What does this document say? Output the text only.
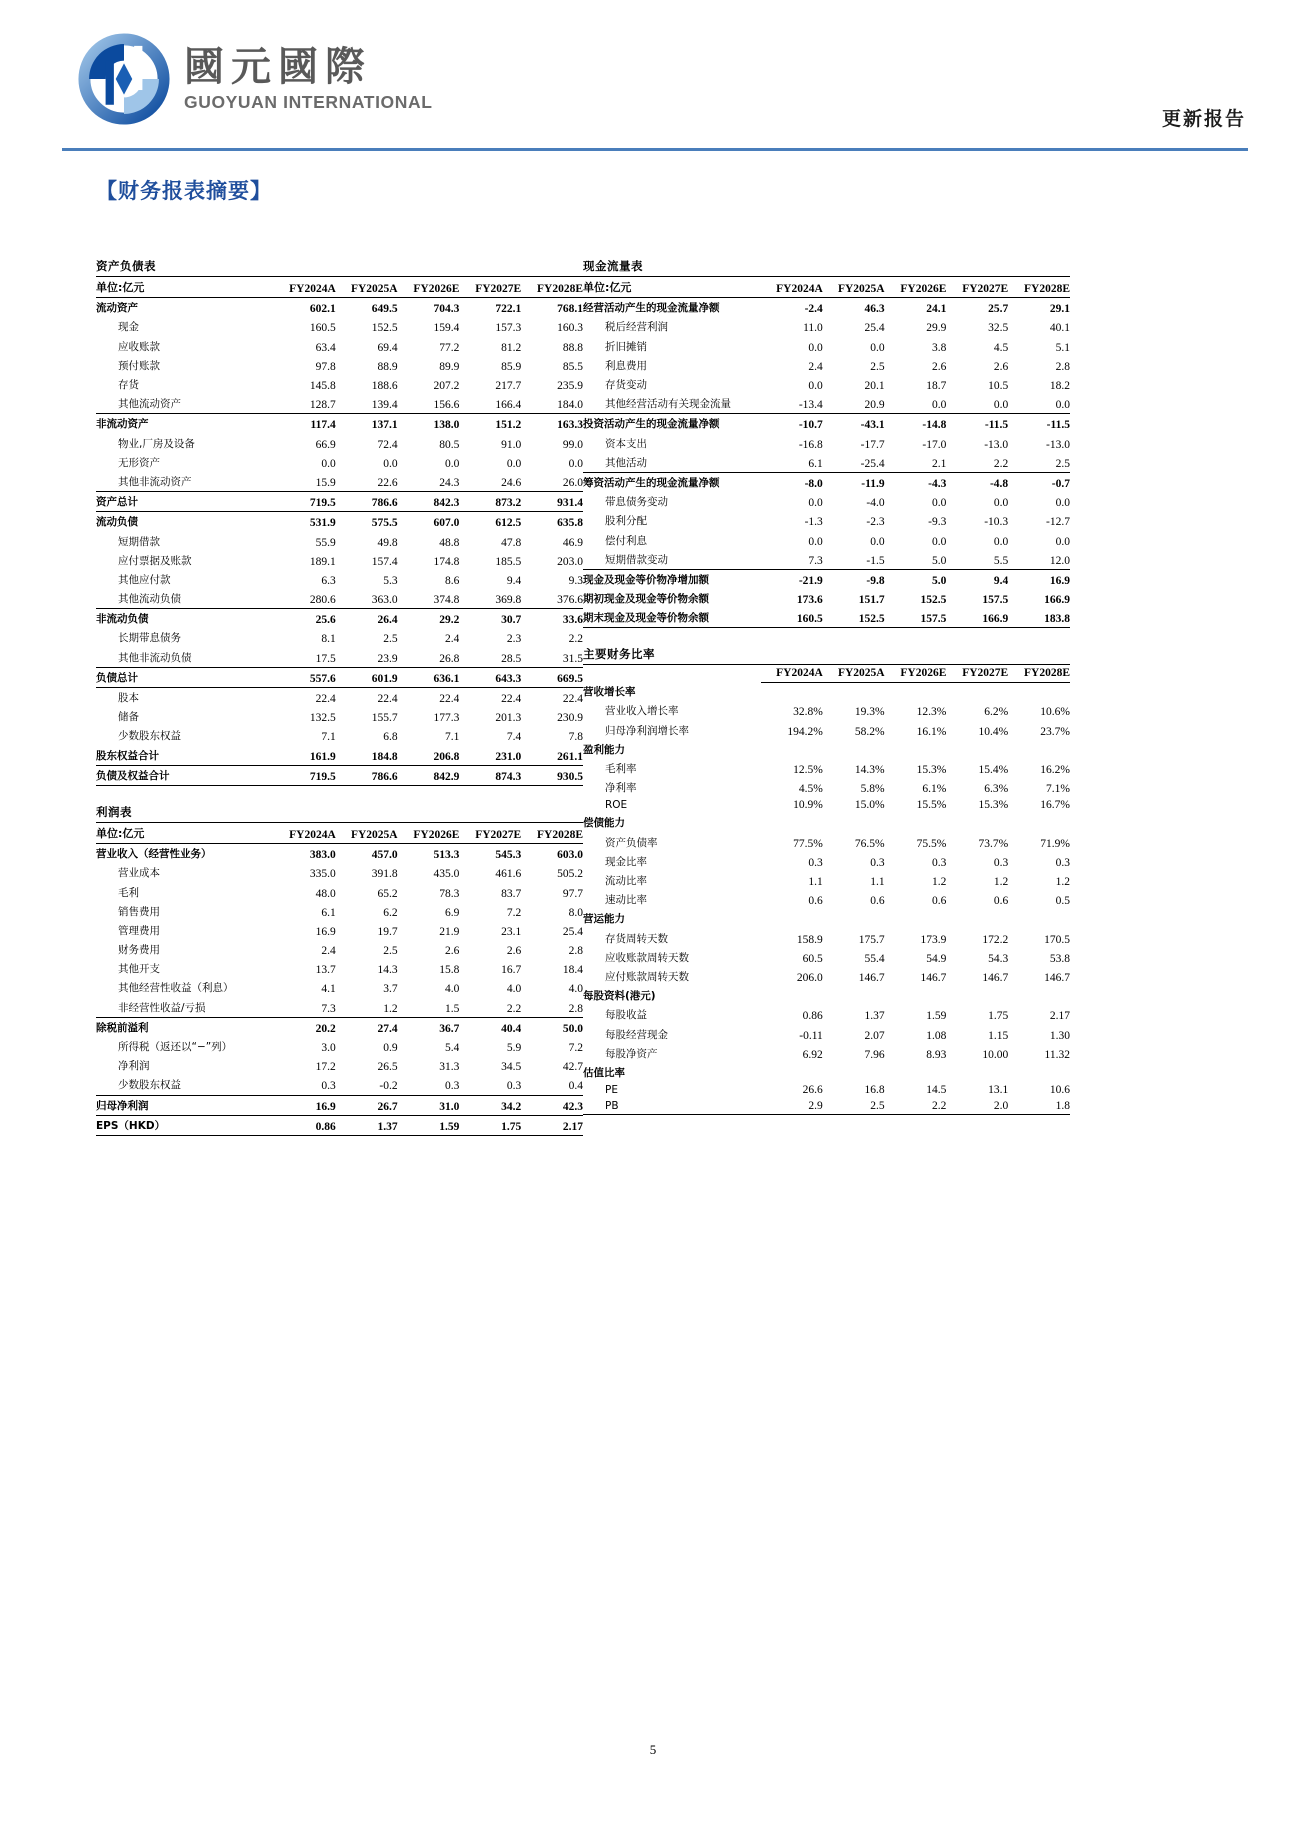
國元國際
GUOYUAN INTERNATIONAL
更新报告
【财务报表摘要】
资产负债表
单位:亿元	FY2024A	FY2025A	FY2026E	FY2027E	FY2028E
流动资产	602.1	649.5	704.3	722.1	768.1
现金	160.5	152.5	159.4	157.3	160.3
应收账款	63.4	69.4	77.2	81.2	88.8
预付账款	97.8	88.9	89.9	85.9	85.5
存货	145.8	188.6	207.2	217.7	235.9
其他流动资产	128.7	139.4	156.6	166.4	184.0
非流动资产	117.4	137.1	138.0	151.2	163.3
物业,厂房及设备	66.9	72.4	80.5	91.0	99.0
无形资产	0.0	0.0	0.0	0.0	0.0
其他非流动资产	15.9	22.6	24.3	24.6	26.0
资产总计	719.5	786.6	842.3	873.2	931.4
流动负债	531.9	575.5	607.0	612.5	635.8
短期借款	55.9	49.8	48.8	47.8	46.9
应付票据及账款	189.1	157.4	174.8	185.5	203.0
其他应付款	6.3	5.3	8.6	9.4	9.3
其他流动负债	280.6	363.0	374.8	369.8	376.6
非流动负债	25.6	26.4	29.2	30.7	33.6
长期带息债务	8.1	2.5	2.4	2.3	2.2
其他非流动负债	17.5	23.9	26.8	28.5	31.5
负债总计	557.6	601.9	636.1	643.3	669.5
股本	22.4	22.4	22.4	22.4	22.4
储备	132.5	155.7	177.3	201.3	230.9
少数股东权益	7.1	6.8	7.1	7.4	7.8
股东权益合计	161.9	184.8	206.8	231.0	261.1
负债及权益合计	719.5	786.6	842.9	874.3	930.5
利润表
单位:亿元	FY2024A	FY2025A	FY2026E	FY2027E	FY2028E
营业收入（经营性业务）	383.0	457.0	513.3	545.3	603.0
营业成本	335.0	391.8	435.0	461.6	505.2
毛利	48.0	65.2	78.3	83.7	97.7
销售费用	6.1	6.2	6.9	7.2	8.0
管理费用	16.9	19.7	21.9	23.1	25.4
财务费用	2.4	2.5	2.6	2.6	2.8
其他开支	13.7	14.3	15.8	16.7	18.4
其他经营性收益（利息）	4.1	3.7	4.0	4.0	4.0
非经营性收益/亏损	7.3	1.2	1.5	2.2	2.8
除税前溢利	20.2	27.4	36.7	40.4	50.0
所得税（返还以“−”列）	3.0	0.9	5.4	5.9	7.2
净利润	17.2	26.5	31.3	34.5	42.7
少数股东权益	0.3	-0.2	0.3	0.3	0.4
归母净利润	16.9	26.7	31.0	34.2	42.3
EPS（HKD）	0.86	1.37	1.59	1.75	2.17
现金流量表
单位:亿元	FY2024A	FY2025A	FY2026E	FY2027E	FY2028E
经营活动产生的现金流量净额	-2.4	46.3	24.1	25.7	29.1
税后经营利润	11.0	25.4	29.9	32.5	40.1
折旧摊销	0.0	0.0	3.8	4.5	5.1
利息费用	2.4	2.5	2.6	2.6	2.8
存货变动	0.0	20.1	18.7	10.5	18.2
其他经营活动有关现金流量	-13.4	20.9	0.0	0.0	0.0
投资活动产生的现金流量净额	-10.7	-43.1	-14.8	-11.5	-11.5
资本支出	-16.8	-17.7	-17.0	-13.0	-13.0
其他活动	6.1	-25.4	2.1	2.2	2.5
筹资活动产生的现金流量净额	-8.0	-11.9	-4.3	-4.8	-0.7
带息债务变动	0.0	-4.0	0.0	0.0	0.0
股利分配	-1.3	-2.3	-9.3	-10.3	-12.7
偿付利息	0.0	0.0	0.0	0.0	0.0
短期借款变动	7.3	-1.5	5.0	5.5	12.0
现金及现金等价物净增加额	-21.9	-9.8	5.0	9.4	16.9
期初现金及现金等价物余额	173.6	151.7	152.5	157.5	166.9
期末现金及现金等价物余额	160.5	152.5	157.5	166.9	183.8
主要财务比率
	FY2024A	FY2025A	FY2026E	FY2027E	FY2028E
营收增长率					
营业收入增长率	32.8%	19.3%	12.3%	6.2%	10.6%
归母净利润增长率	194.2%	58.2%	16.1%	10.4%	23.7%
盈利能力					
毛利率	12.5%	14.3%	15.3%	15.4%	16.2%
净利率	4.5%	5.8%	6.1%	6.3%	7.1%
ROE	10.9%	15.0%	15.5%	15.3%	16.7%
偿债能力					
资产负债率	77.5%	76.5%	75.5%	73.7%	71.9%
现金比率	0.3	0.3	0.3	0.3	0.3
流动比率	1.1	1.1	1.2	1.2	1.2
速动比率	0.6	0.6	0.6	0.6	0.5
营运能力					
存货周转天数	158.9	175.7	173.9	172.2	170.5
应收账款周转天数	60.5	55.4	54.9	54.3	53.8
应付账款周转天数	206.0	146.7	146.7	146.7	146.7
每股资料(港元)					
每股收益	0.86	1.37	1.59	1.75	2.17
每股经营现金	-0.11	2.07	1.08	1.15	1.30
每股净资产	6.92	7.96	8.93	10.00	11.32
估值比率					
PE	26.6	16.8	14.5	13.1	10.6
PB	2.9	2.5	2.2	2.0	1.8
5
